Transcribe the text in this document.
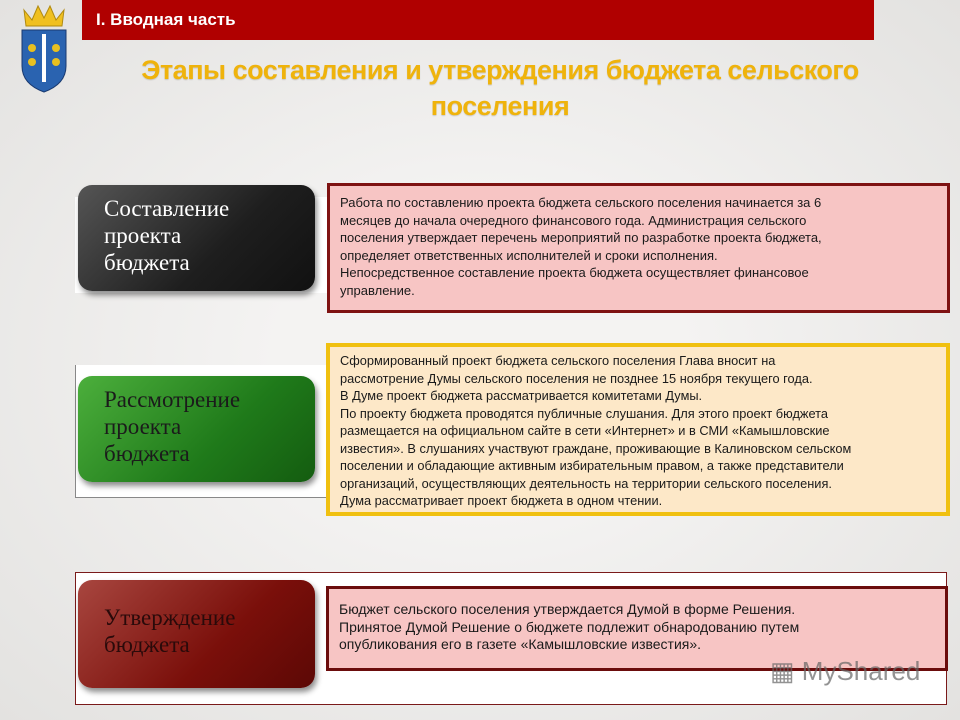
I. Вводная часть
Этапы составления и утверждения бюджета сельского
поселения
Составление
проекта
бюджета
Рассмотрение
проекта
бюджета
Утверждение
бюджета
Работа по составлению проекта бюджета сельского поселения начинается за 6
месяцев до начала очередного финансового года. Администрация сельского
поселения утверждает перечень мероприятий по разработке проекта бюджета,
определяет ответственных исполнителей и сроки исполнения.
Непосредственное составление проекта бюджета осуществляет финансовое
управление.
Сформированный проект бюджета сельского поселения Глава вносит на
рассмотрение Думы сельского поселения не позднее 15 ноября текущего года.
В Думе проект бюджета рассматривается комитетами Думы.
По проекту бюджета проводятся публичные слушания. Для этого проект бюджета
размещается на официальном сайте в сети «Интернет» и в СМИ «Камышловские
известия». В слушаниях участвуют граждане, проживающие в Калиновском сельском
поселении и обладающие активным избирательным правом, а также представители
организаций, осуществляющих деятельность на территории сельского поселения.
Дума рассматривает проект бюджета в одном чтении.
Бюджет сельского поселения утверждается Думой в форме Решения.
Принятое Думой Решение о бюджете подлежит обнародованию путем
опубликования его в газете «Камышловские известия».
▦ MyShared
